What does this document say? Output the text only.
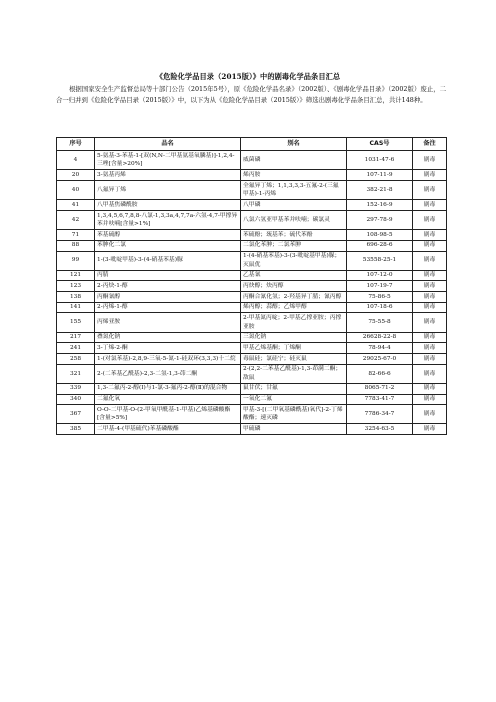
《危险化学品目录（2015版）》中的剧毒化学品条目汇总
根据国家安全生产监督总局等十部门公告（2015年5号），原《危险化学品名录》（2002版）、《剧毒化学品目录》（2002版）废止，二合一归并到《危险化学品目录（2015版）》中，以下为从《危险化学品目录（2015版）》筛选出剧毒化学品条目汇总，共计148种。
序号	品名	别名	CAS号	备注
4	5-氨基-3-苯基-1-[双(N,N-二甲基氨基氧膦基)]-1,2,4-三唑[含量>20%]	威菌磷	1031-47-6	剧毒
20	3-氨基丙烯	烯丙胺	107-11-9	剧毒
40	八氟异丁烯	全氟异丁烯；1,1,3,3,3-五氟-2-(三氟甲基)-1-丙烯	382-21-8	剧毒
41	八甲基焦磷酰胺	八甲磷	152-16-9	剧毒
42	1,3,4,5,6,7,8,8-八氯-1,3,3a,4,7,7a-六氢-4,7-甲撑异苯并呋喃[含量>1%]	八氯六氢亚甲基苯并呋喃；碳氯灵	297-78-9	剧毒
71	苯基硫醇	苯硫酚；巯基苯；硫代苯酚	108-98-5	剧毒
88	苯胂化二氯	二氯化苯胂；二氯苯胂	696-28-6	剧毒
99	1-(3-吡啶甲基)-3-(4-硝基苯基)脲	1-(4-硝基苯基)-3-(3-吡啶基甲基)脲；灭鼠优	53558-25-1	剧毒
121	丙腈	乙基氰	107-12-0	剧毒
123	2-丙炔-1-醇	丙炔醇；炔丙醇	107-19-7	剧毒
138	丙酮氰醇	丙酮合氰化氢；2-羟基异丁腈；氰丙醇	75-86-5	剧毒
141	2-丙烯-1-醇	烯丙醇；蒜醇；乙烯甲醇	107-18-6	剧毒
155	丙烯亚胺	2-甲基氮丙啶；2-甲基乙撑亚胺；丙撑亚胺	75-55-8	剧毒
217	叠氮化钠	三氮化钠	26628-22-8	剧毒
241	3-丁烯-2-酮	甲基乙烯基酮；丁烯酮	78-94-4	剧毒
258	1-(对氯苯基)-2,8,9-三氧-5-氮-1-硅双环(3,3,3)十二烷	毒鼠硅；氯硅宁；硅灭鼠	29025-67-0	剧毒
321	2-(二苯基乙酰基)-2,3-二氢-1,3-茚二酮	2-(2,2-二苯基乙酰基)-1,3-茚满二酮；敌鼠	82-66-6	剧毒
339	1,3-二氟丙-2-醇(Ⅰ)与1-氯-3-氟丙-2-醇(Ⅱ)的混合物	鼠甘伏；甘氟	8065-71-2	剧毒
340	二氟化氧	一氧化二氟	7783-41-7	剧毒
367	O-O-二甲基-O-(2-甲氧甲酰基-1-甲基)乙烯基磷酸酯[含量>5%]	甲基-3-[(二甲氧基磷酰基)氧代]-2-丁烯酸酯；速灭磷	7786-34-7	剧毒
385	二甲基-4-(甲基硫代)苯基磷酸酯	甲硫磷	3254-63-5	剧毒
